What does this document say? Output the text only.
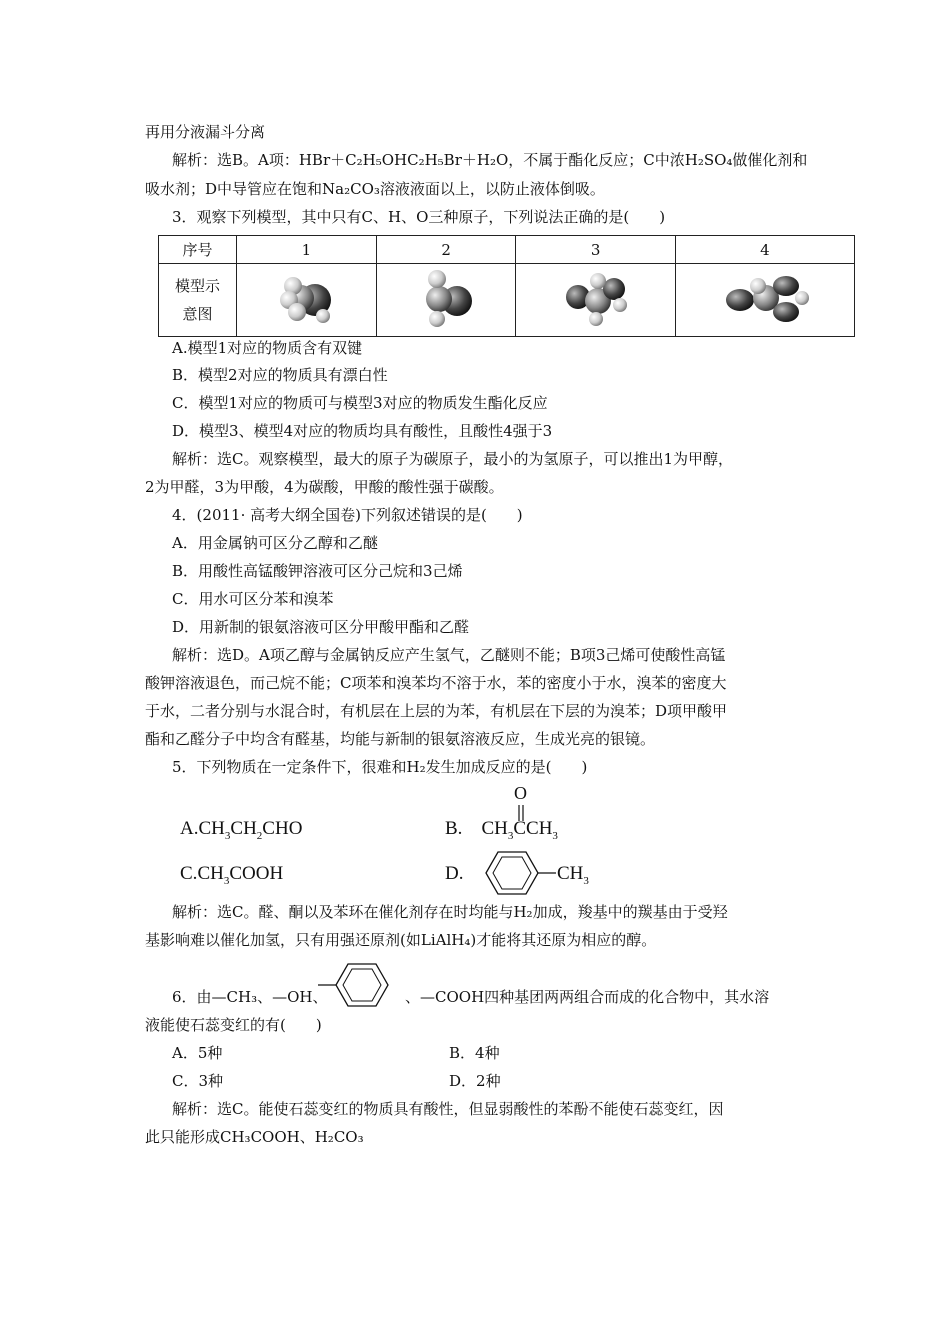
再用分液漏斗分离
解析：选B。A项：HBr＋C₂H₅OHC₂H₅Br＋H₂O，不属于酯化反应；C中浓H₂SO₄做催化剂和
吸水剂；D中导管应在饱和Na₂CO₃溶液液面以上，以防止液体倒吸。
3．观察下列模型，其中只有C、H、O三种原子，下列说法正确的是(　　)
序号	1	2	3	4

模型示
意图

A.模型1对应的物质含有双键
B．模型2对应的物质具有漂白性
C．模型1对应的物质可与模型3对应的物质发生酯化反应
D．模型3、模型4对应的物质均具有酸性，且酸性4强于3
解析：选C。观察模型，最大的原子为碳原子，最小的为氢原子，可以推出1为甲醇，
2为甲醛，3为甲酸，4为碳酸，甲酸的酸性强于碳酸。
4．(2011· 高考大纲全国卷)下列叙述错误的是(　　)
A．用金属钠可区分乙醇和乙醚
B．用酸性高锰酸钾溶液可区分己烷和3己烯
C．用水可区分苯和溴苯
D．用新制的银氨溶液可区分甲酸甲酯和乙醛
解析：选D。A项乙醇与金属钠反应产生氢气，乙醚则不能；B项3己烯可使酸性高锰
酸钾溶液退色，而己烷不能；C项苯和溴苯均不溶于水，苯的密度小于水，溴苯的密度大
于水，二者分别与水混合时，有机层在上层的为苯，有机层在下层的为溴苯；D项甲酸甲
酯和乙醛分子中均含有醛基，均能与新制的银氨溶液反应，生成光亮的银镜。
5．下列物质在一定条件下，很难和H₂发生加成反应的是(　　)
$A.CH_3CH_2CHO$
O
B. $CH_3CCH_3$
$C.CH_3COOH$	D.	$CH_3$
解析：选C。醛、酮以及苯环在催化剂存在时均能与H₂加成，羧基中的羰基由于受羟
基影响难以催化加氢，只有用强还原剂(如LiAlH₄)才能将其还原为相应的醇。
6．由—CH₃、—OH、	、—COOH四种基团两两组合而成的化合物中，其水溶
液能使石蕊变红的有(　　)
A．5种	B．4种
C．3种	D．2种
解析：选C。能使石蕊变红的物质具有酸性，但显弱酸性的苯酚不能使石蕊变红，因
此只能形成CH₃COOH、H₂CO₃
